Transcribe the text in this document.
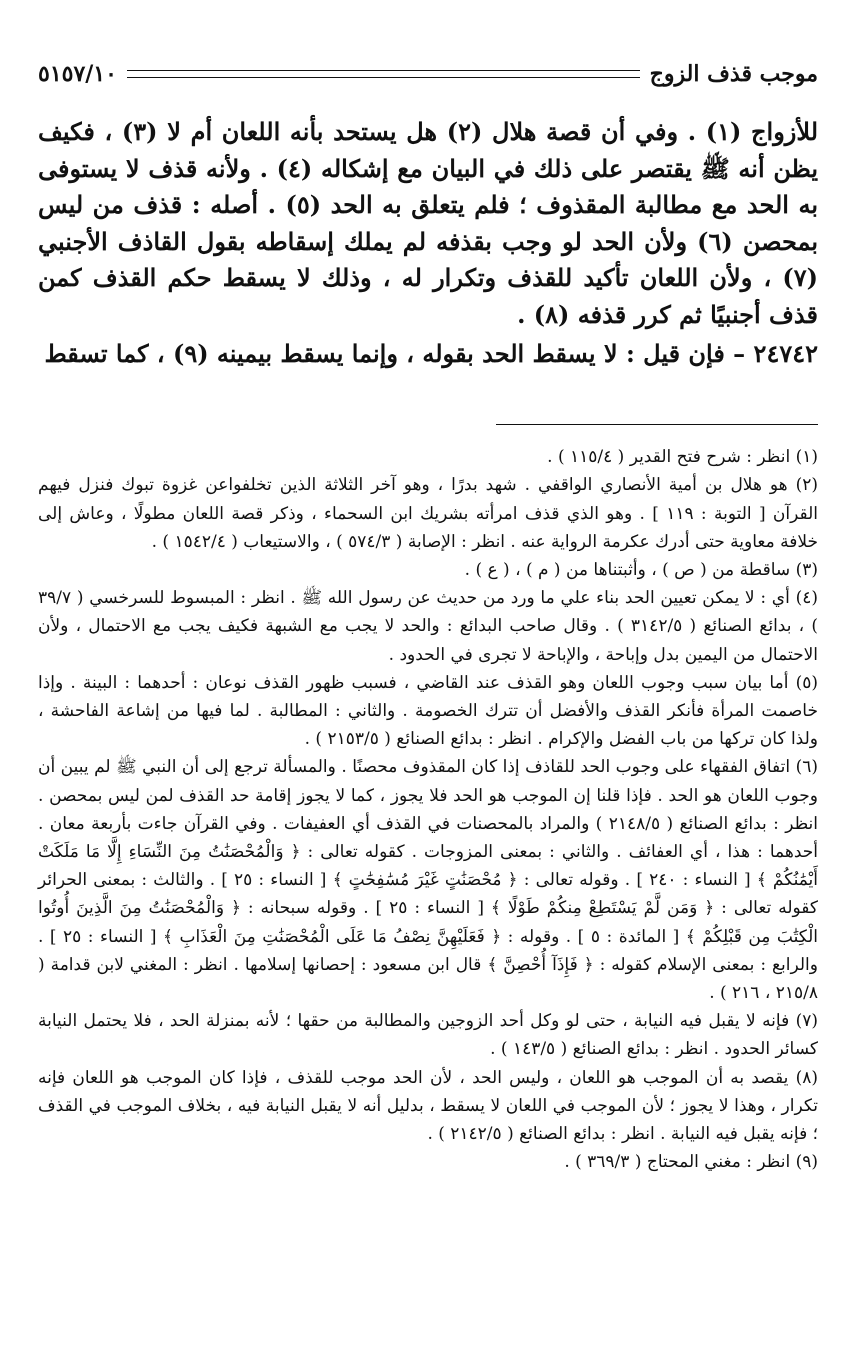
موجب قذف الزوج
٥١٥٧/١٠

للأزواج (١) . وفي أن قصة هلال (٢) هل يستحد بأنه اللعان أم لا (٣) ، فكيف يظن أنه ﷺ يقتصر على ذلك في البيان مع إشكاله (٤) . ولأنه قذف لا يستوفى به الحد مع مطالبة المقذوف ؛ فلم يتعلق به الحد (٥) . أصله : قذف من ليس بمحصن (٦) ولأن الحد لو وجب بقذفه لم يملك إسقاطه بقول القاذف الأجنبي (٧) ، ولأن اللعان تأكيد للقذف وتكرار له ، وذلك لا يسقط حكم القذف كمن قذف أجنبيًا ثم كرر قذفه (٨) .

٢٤٧٤٢ – فإن قيل : لا يسقط الحد بقوله ، وإنما يسقط بيمينه (٩) ، كما تسقط

(١) انظر : شرح فتح القدير ( ١١٥/٤ ) .

(٢) هو هلال بن أمية الأنصاري الواقفي . شهد بدرًا ، وهو آخر الثلاثة الذين تخلفواعن غزوة تبوك فنزل فيهم القرآن [ التوبة : ١١٩ ] . وهو الذي قذف امرأته بشريك ابن السحماء ، وذكر قصة اللعان مطولًا ، وعاش إلى خلافة معاوية حتى أدرك عكرمة الرواية عنه . انظر : الإصابة ( ٥٧٤/٣ ) ، والاستيعاب ( ١٥٤٢/٤ ) .

(٣) ساقطة من ( ص ) ، وأثبتناها من ( م ) ، ( ع ) .

(٤) أي : لا يمكن تعيين الحد بناء علي ما ورد من حديث عن رسول الله ﷺ . انظر : المبسوط للسرخسي ( ٣٩/٧ ) ، بدائع الصنائع ( ٣١٤٢/٥ ) . وقال صاحب البدائع : والحد لا يجب مع الشبهة فكيف يجب مع الاحتمال ، ولأن الاحتمال من اليمين بدل وإباحة ، والإباحة لا تجرى في الحدود .

(٥) أما بيان سبب وجوب اللعان وهو القذف عند القاضي ، فسبب ظهور القذف نوعان : أحدهما : البينة . وإذا خاصمت المرأة فأنكر القذف والأفضل أن تترك الخصومة . والثاني : المطالبة . لما فيها من إشاعة الفاحشة ، ولذا كان تركها من باب الفضل والإكرام . انظر : بدائع الصنائع ( ٢١٥٣/٥ ) .

(٦) اتفاق الفقهاء على وجوب الحد للقاذف إذا كان المقذوف محصنًا . والمسألة ترجع إلى أن النبي ﷺ لم يبين أن وجوب اللعان هو الحد . فإذا قلنا إن الموجب هو الحد فلا يجوز ، كما لا يجوز إقامة حد القذف لمن ليس بمحصن . انظر : بدائع الصنائع ( ٢١٤٨/٥ ) والمراد بالمحصنات في القذف أي العفيفات . وفي القرآن جاءت بأربعة معان . أحدهما : هذا ، أي العفائف . والثاني : بمعنى المزوجات . كقوله تعالى : ﴿ وَالْمُحْصَنَٰتُ مِنَ النِّسَاءِ إِلَّا مَا مَلَكَتْ أَيْمَٰنُكُمْ ﴾ [ النساء : ٢٤٠ ] . وقوله تعالى : ﴿ مُحْصَنَٰتٍ غَيْرَ مُسَٰفِحَٰتٍ ﴾ [ النساء : ٢٥ ] . والثالث : بمعنى الحرائر كقوله تعالى : ﴿ وَمَن لَّمْ يَسْتَطِعْ مِنكُمْ طَوْلًا ﴾ [ النساء : ٢٥ ] . وقوله سبحانه : ﴿ وَالْمُحْصَنَٰتُ مِنَ الَّذِينَ أُوتُوا الْكِتَٰبَ مِن قَبْلِكُمْ ﴾ [ المائدة : ٥ ] . وقوله : ﴿ فَعَلَيْهِنَّ نِصْفُ مَا عَلَى الْمُحْصَنَٰتِ مِنَ الْعَذَابِ ﴾ [ النساء : ٢٥ ] . والرابع : بمعنى الإسلام كقوله : ﴿ فَإِذَآ أُحْصِنَّ ﴾ قال ابن مسعود : إحصانها إسلامها . انظر : المغني لابن قدامة ( ٢١٥/٨ ، ٢١٦ ) .

(٧) فإنه لا يقبل فيه النيابة ، حتى لو وكل أحد الزوجين والمطالبة من حقها ؛ لأنه بمنزلة الحد ، فلا يحتمل النيابة كسائر الحدود . انظر : بدائع الصنائع ( ١٤٣/٥ ) .

(٨) يقصد به أن الموجب هو اللعان ، وليس الحد ، لأن الحد موجب للقذف ، فإذا كان الموجب هو اللعان فإنه تكرار ، وهذا لا يجوز ؛ لأن الموجب في اللعان لا يسقط ، بدليل أنه لا يقبل النيابة فيه ، بخلاف الموجب في القذف ؛ فإنه يقبل فيه النيابة . انظر : بدائع الصنائع ( ٢١٤٢/٥ ) .

(٩) انظر : مغني المحتاج ( ٣٦٩/٣ ) .
